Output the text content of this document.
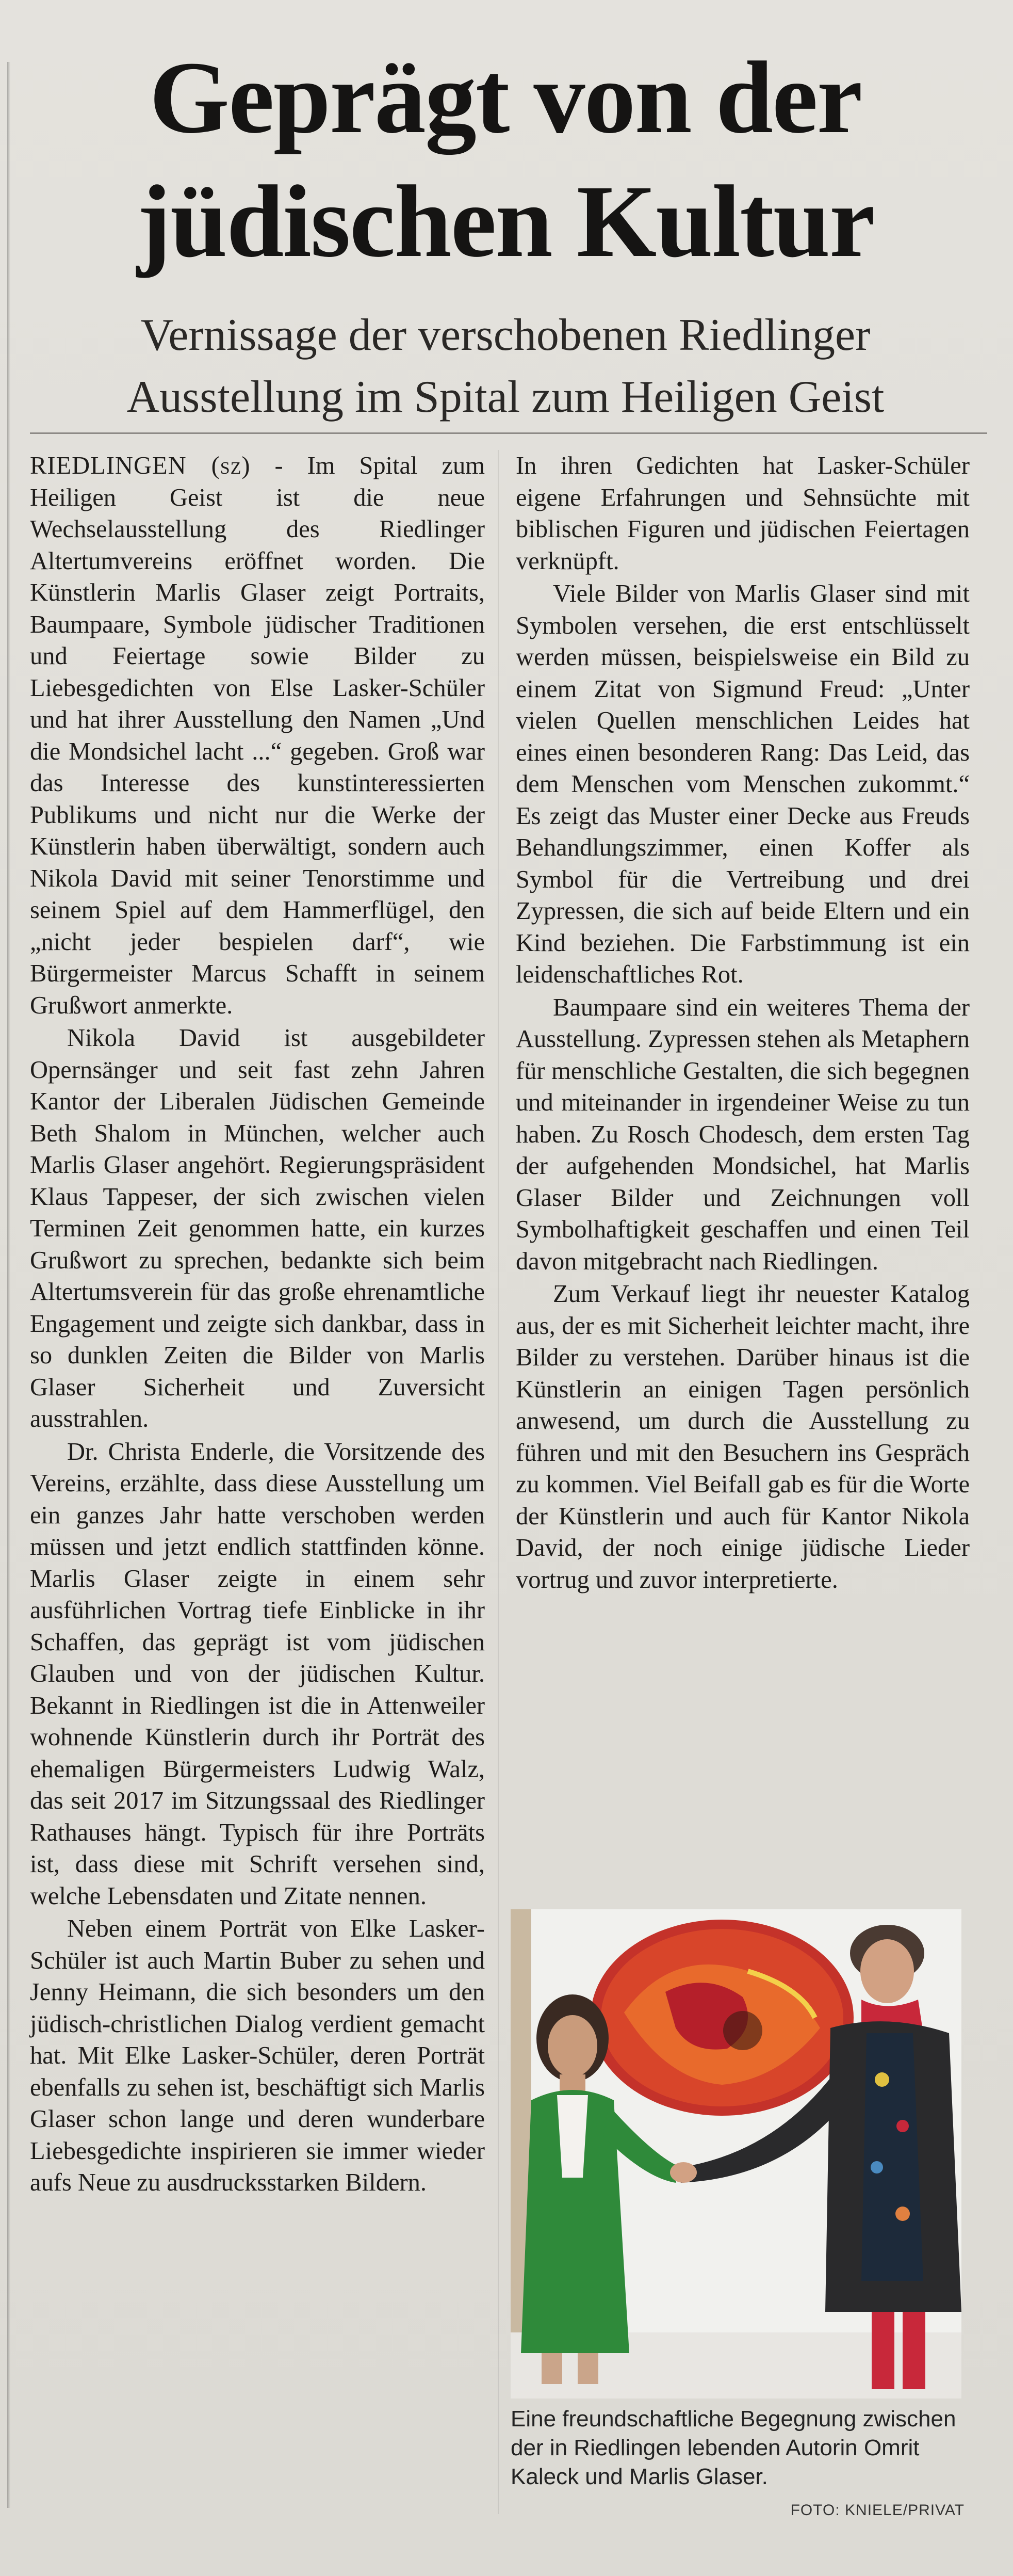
Geprägt von der
jüdischen Kultur
Vernissage der verschobenen Riedlinger
Ausstellung im Spital zum Heiligen Geist

RIEDLINGEN (sz) - Im Spital zum Heiligen Geist ist die neue Wechselausstellung des Riedlinger Altertumvereins eröffnet worden. Die Künstlerin Marlis Glaser zeigt Portraits, Baumpaare, Symbole jüdischer Traditionen und Feiertage sowie Bilder zu Liebesgedichten von Else Lasker-Schüler und hat ihrer Ausstellung den Namen „Und die Mondsichel lacht ...“ gegeben. Groß war das Interesse des kunstinteressierten Publikums und nicht nur die Werke der Künstlerin haben überwältigt, sondern auch Nikola David mit seiner Tenorstimme und seinem Spiel auf dem Hammerflügel, den „nicht jeder bespielen darf“, wie Bürgermeister Marcus Schafft in seinem Grußwort anmerkte.

Nikola David ist ausgebildeter Opernsänger und seit fast zehn Jahren Kantor der Liberalen Jüdischen Gemeinde Beth Shalom in München, welcher auch Marlis Glaser angehört. Regierungspräsident Klaus Tappeser, der sich zwischen vielen Terminen Zeit genommen hatte, ein kurzes Grußwort zu sprechen, bedankte sich beim Altertumsverein für das große ehrenamtliche Engagement und zeigte sich dankbar, dass in so dunklen Zeiten die Bilder von Marlis Glaser Sicherheit und Zuversicht ausstrahlen.

Dr. Christa Enderle, die Vorsitzende des Vereins, erzählte, dass diese Ausstellung um ein ganzes Jahr hatte verschoben werden müssen und jetzt endlich stattfinden könne. Marlis Glaser zeigte in einem sehr ausführlichen Vortrag tiefe Einblicke in ihr Schaffen, das geprägt ist vom jüdischen Glauben und von der jüdischen Kultur. Bekannt in Riedlingen ist die in Attenweiler wohnende Künstlerin durch ihr Porträt des ehemaligen Bürgermeisters Ludwig Walz, das seit 2017 im Sitzungssaal des Riedlinger Rathauses hängt. Typisch für ihre Porträts ist, dass diese mit Schrift versehen sind, welche Lebensdaten und Zitate nennen.

Neben einem Porträt von Elke Lasker-Schüler ist auch Martin Buber zu sehen und Jenny Heimann, die sich besonders um den jüdisch-christlichen Dialog verdient gemacht hat. Mit Elke Lasker-Schüler, deren Porträt ebenfalls zu sehen ist, beschäftigt sich Marlis Glaser schon lange und deren wunderbare Liebesgedichte inspirieren sie immer wieder aufs Neue zu ausdrucksstarken Bildern.

In ihren Gedichten hat Lasker-Schüler eigene Erfahrungen und Sehnsüchte mit biblischen Figuren und jüdischen Feiertagen verknüpft.

Viele Bilder von Marlis Glaser sind mit Symbolen versehen, die erst entschlüsselt werden müssen, beispielsweise ein Bild zu einem Zitat von Sigmund Freud: „Unter vielen Quellen menschlichen Leides hat eines einen besonderen Rang: Das Leid, das dem Menschen vom Menschen zukommt.“ Es zeigt das Muster einer Decke aus Freuds Behandlungszimmer, einen Koffer als Symbol für die Vertreibung und drei Zypressen, die sich auf beide Eltern und ein Kind beziehen. Die Farbstimmung ist ein leidenschaftliches Rot.

Baumpaare sind ein weiteres Thema der Ausstellung. Zypressen stehen als Metaphern für menschliche Gestalten, die sich begegnen und miteinander in irgendeiner Weise zu tun haben. Zu Rosch Chodesch, dem ersten Tag der aufgehenden Mondsichel, hat Marlis Glaser Bilder und Zeichnungen voll Symbolhaftigkeit geschaffen und einen Teil davon mitgebracht nach Riedlingen.

Zum Verkauf liegt ihr neuester Katalog aus, der es mit Sicherheit leichter macht, ihre Bilder zu verstehen. Darüber hinaus ist die Künstlerin an einigen Tagen persönlich anwesend, um durch die Ausstellung zu führen und mit den Besuchern ins Gespräch zu kommen. Viel Beifall gab es für die Worte der Künstlerin und auch für Kantor Nikola David, der noch einige jüdische Lieder vortrug und zuvor interpretierte.

Eine freundschaftliche Begegnung zwischen der in Riedlingen lebenden Autorin Omrit Kaleck und Marlis Glaser.
FOTO: KNIELE/PRIVAT
